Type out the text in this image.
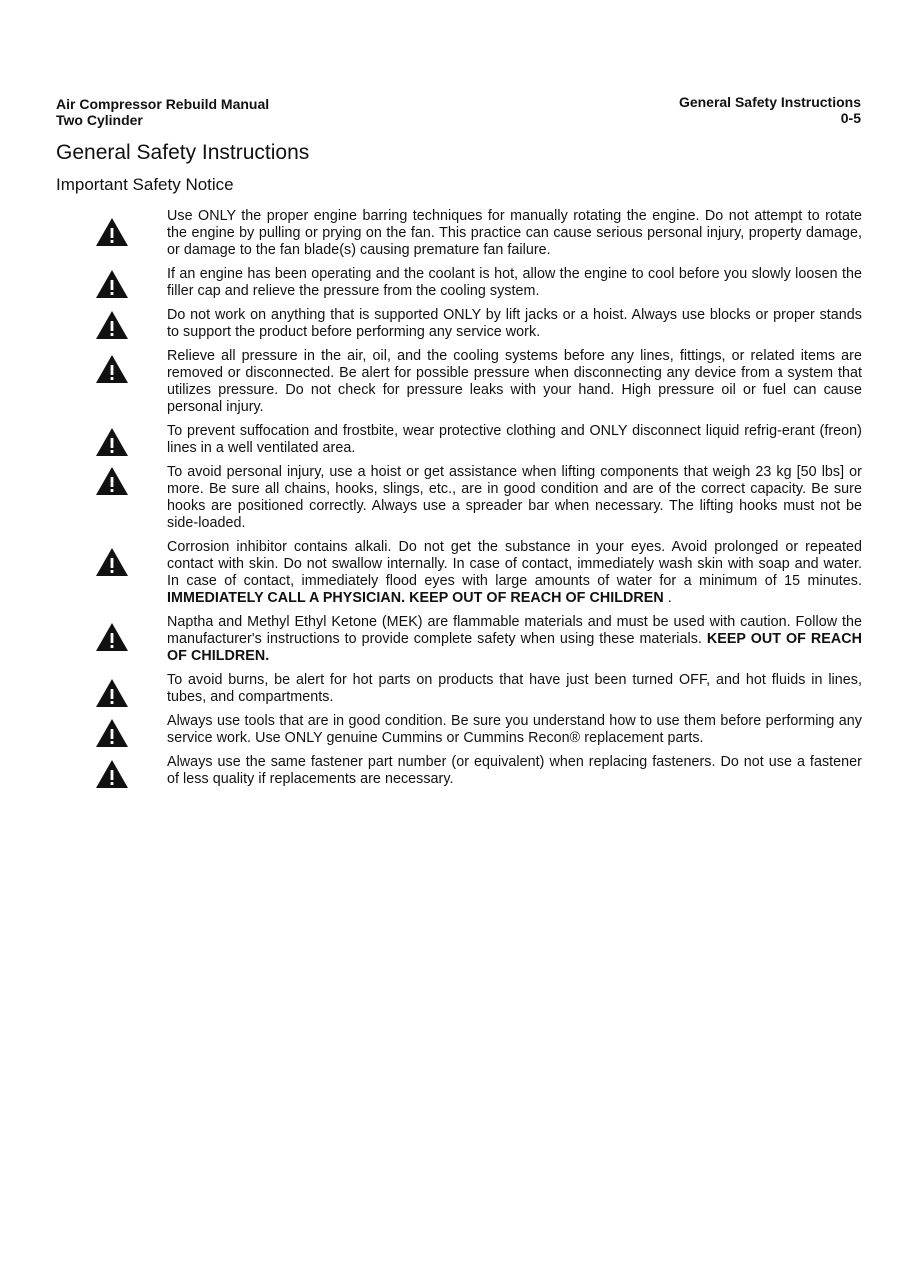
Air Compressor Rebuild Manual
Two Cylinder
General Safety Instructions
0-5
General Safety Instructions
Important Safety Notice

Use ONLY the proper engine barring techniques for manually rotating the engine. Do not attempt to rotate the engine by pulling or prying on the fan. This practice can cause serious personal injury, property damage, or damage to the fan blade(s) causing premature fan failure.

If an engine has been operating and the coolant is hot, allow the engine to cool before you slowly loosen the filler cap and relieve the pressure from the cooling system.

Do not work on anything that is supported ONLY by lift jacks or a hoist. Always use blocks or proper stands to support the product before performing any service work.

Relieve all pressure in the air, oil, and the cooling systems before any lines, fittings, or related items are removed or disconnected. Be alert for possible pressure when disconnecting any device from a system that utilizes pressure. Do not check for pressure leaks with your hand. High pressure oil or fuel can cause personal injury.

To prevent suffocation and frostbite, wear protective clothing and ONLY disconnect liquid refrig-erant (freon) lines in a well ventilated area.

To avoid personal injury, use a hoist or get assistance when lifting components that weigh 23 kg [50 lbs] or more. Be sure all chains, hooks, slings, etc., are in good condition and are of the correct capacity. Be sure hooks are positioned correctly. Always use a spreader bar when necessary. The lifting hooks must not be side-loaded.

Corrosion inhibitor contains alkali. Do not get the substance in your eyes. Avoid prolonged or repeated contact with skin. Do not swallow internally. In case of contact, immediately wash skin with soap and water. In case of contact, immediately flood eyes with large amounts of water for a minimum of 15 minutes. IMMEDIATELY CALL A PHYSICIAN. KEEP OUT OF REACH OF CHILDREN .

Naptha and Methyl Ethyl Ketone (MEK) are flammable materials and must be used with caution. Follow the manufacturer's instructions to provide complete safety when using these materials. KEEP OUT OF REACH OF CHILDREN.

To avoid burns, be alert for hot parts on products that have just been turned OFF, and hot fluids in lines, tubes, and compartments.

Always use tools that are in good condition. Be sure you understand how to use them before performing any service work. Use ONLY genuine Cummins or Cummins Recon® replacement parts.

Always use the same fastener part number (or equivalent) when replacing fasteners. Do not use a fastener of less quality if replacements are necessary.
